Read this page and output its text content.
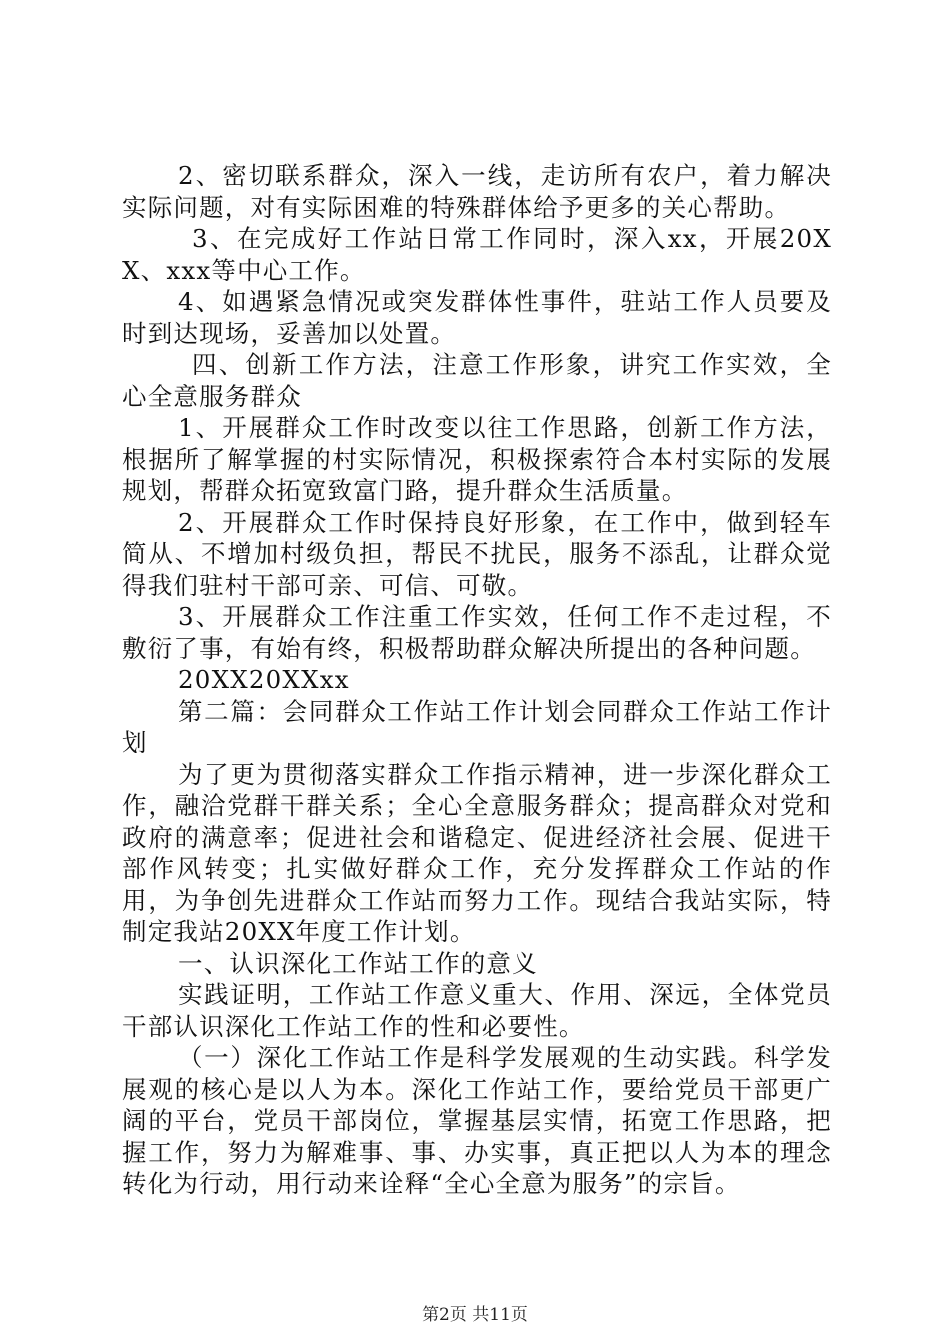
2、密切联系群众，深入一线，走访所有农户，着力解决实际问题，对有实际困难的特殊群体给予更多的关心帮助。

3、在完成好工作站日常工作同时，深入xx，开展20XX、xxx等中心工作。

4、如遇紧急情况或突发群体性事件，驻站工作人员要及时到达现场，妥善加以处置。

四、创新工作方法，注意工作形象，讲究工作实效，全心全意服务群众

1、开展群众工作时改变以往工作思路，创新工作方法，根据所了解掌握的村实际情况，积极探索符合本村实际的发展规划，帮群众拓宽致富门路，提升群众生活质量。

2、开展群众工作时保持良好形象，在工作中，做到轻车简从、不增加村级负担，帮民不扰民，服务不添乱，让群众觉得我们驻村干部可亲、可信、可敬。

3、开展群众工作注重工作实效，任何工作不走过程，不敷衍了事，有始有终，积极帮助群众解决所提出的各种问题。

20XX20XXxx

第二篇：会同群众工作站工作计划会同群众工作站工作计划

为了更为贯彻落实群众工作指示精神，进一步深化群众工作，融洽党群干群关系；全心全意服务群众；提高群众对党和政府的满意率；促进社会和谐稳定、促进经济社会展、促进干部作风转变；扎实做好群众工作，充分发挥群众工作站的作用，为争创先进群众工作站而努力工作。现结合我站实际，特制定我站20XX年度工作计划。

一、认识深化工作站工作的意义

实践证明，工作站工作意义重大、作用、深远，全体党员干部认识深化工作站工作的性和必要性。

（一）深化工作站工作是科学发展观的生动实践。科学发展观的核心是以人为本。深化工作站工作，要给党员干部更广阔的平台，党员干部岗位，掌握基层实情，拓宽工作思路，把握工作，努力为解难事、事、办实事，真正把以人为本的理念转化为行动，用行动来诠释“全心全意为服务”的宗旨。

第2页 共11页
